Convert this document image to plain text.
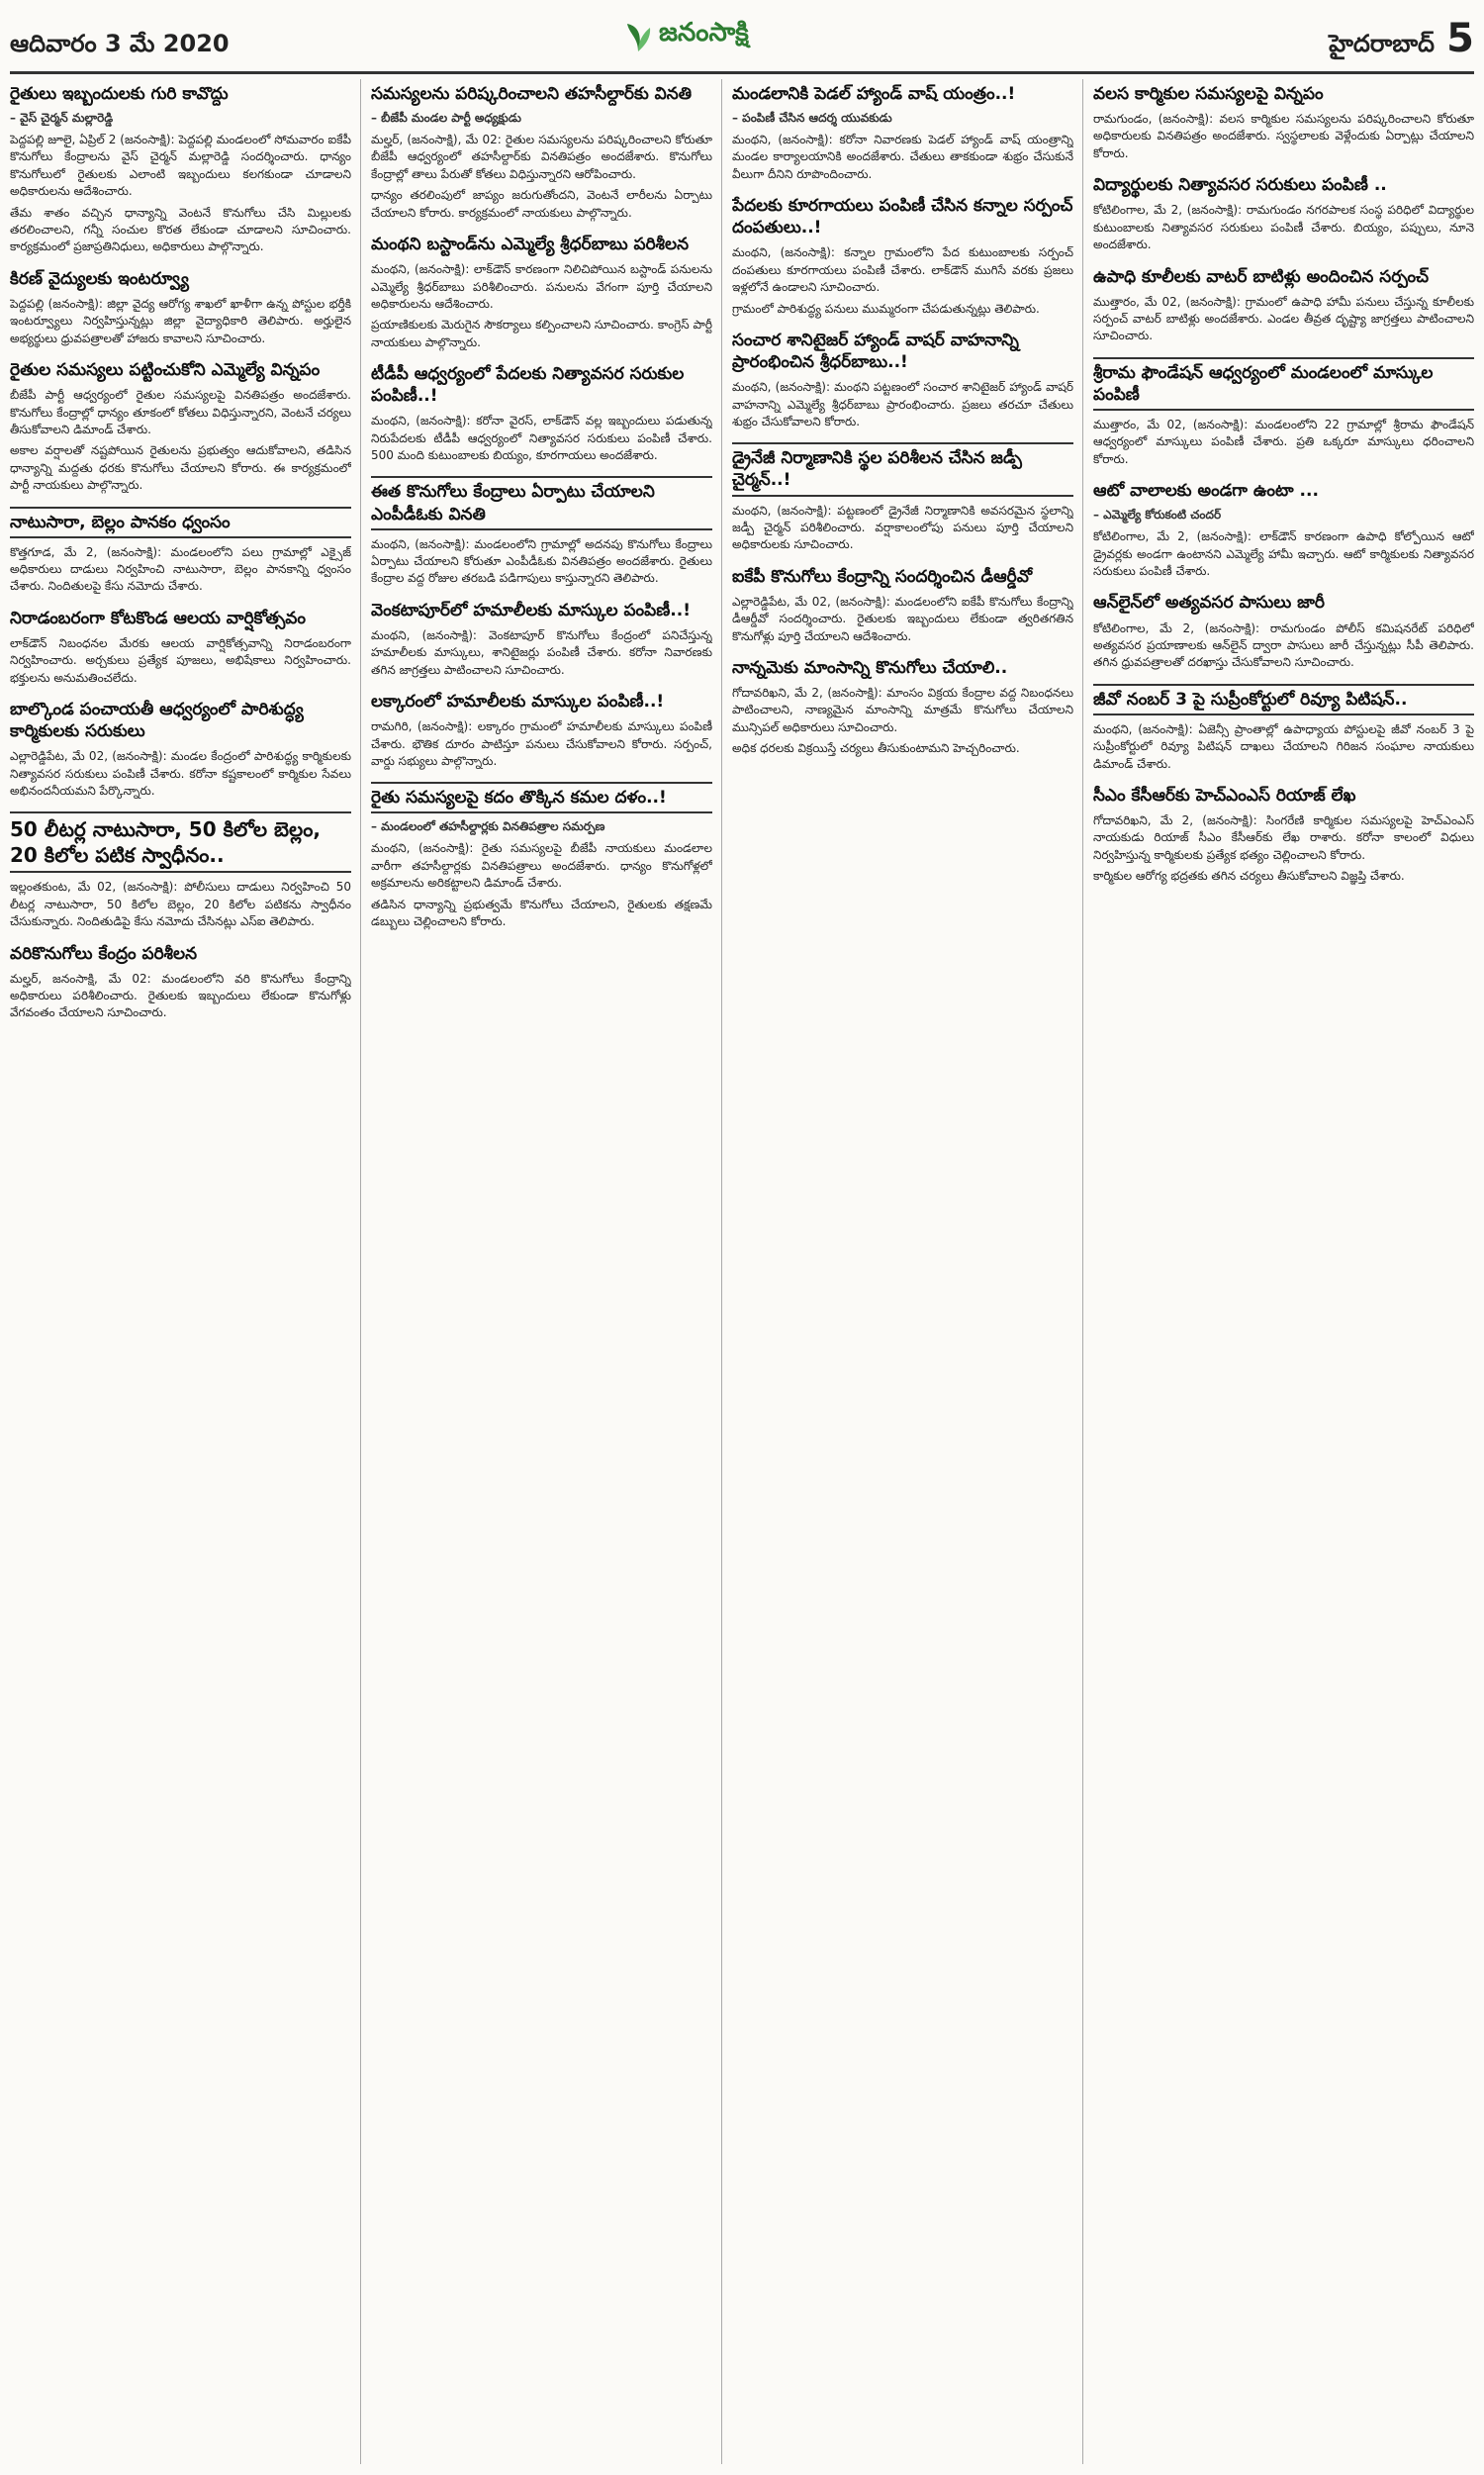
ఆదివారం 3 మే 2020	జనంసాక్షి	హైదరాబాద్ 5
రైతులు ఇబ్బందులకు గురి కావొద్దు
– వైస్ చైర్మన్ మల్లారెడ్డి

పెద్దపల్లి జూలై, ఏప్రిల్ 2 (జనంసాక్షి): పెద్దపల్లి మండలంలో సోమవారం ఐకేపీ కొనుగోలు కేంద్రాలను వైస్ చైర్మన్ మల్లారెడ్డి సందర్శించారు. ధాన్యం కొనుగోలులో రైతులకు ఎలాంటి ఇబ్బందులు కలగకుండా చూడాలని అధికారులను ఆదేశించారు.

తేమ శాతం వచ్చిన ధాన్యాన్ని వెంటనే కొనుగోలు చేసి మిల్లులకు తరలించాలని, గన్నీ సంచుల కొరత లేకుండా చూడాలని సూచించారు. కార్యక్రమంలో ప్రజాప్రతినిధులు, అధికారులు పాల్గొన్నారు.

కిరణ్ వైద్యులకు ఇంటర్వ్యూ

పెద్దపల్లి (జనంసాక్షి): జిల్లా వైద్య ఆరోగ్య శాఖలో ఖాళీగా ఉన్న పోస్టుల భర్తీకి ఇంటర్వ్యూలు నిర్వహిస్తున్నట్లు జిల్లా వైద్యాధికారి తెలిపారు. అర్హులైన అభ్యర్థులు ధ్రువపత్రాలతో హాజరు కావాలని సూచించారు.

రైతుల సమస్యలు పట్టించుకోని ఎమ్మెల్యే విన్నపం

బీజేపీ పార్టీ ఆధ్వర్యంలో రైతుల సమస్యలపై వినతిపత్రం అందజేశారు. కొనుగోలు కేంద్రాల్లో ధాన్యం తూకంలో కోతలు విధిస్తున్నారని, వెంటనే చర్యలు తీసుకోవాలని డిమాండ్ చేశారు.

అకాల వర్షాలతో నష్టపోయిన రైతులను ప్రభుత్వం ఆదుకోవాలని, తడిసిన ధాన్యాన్ని మద్దతు ధరకు కొనుగోలు చేయాలని కోరారు. ఈ కార్యక్రమంలో పార్టీ నాయకులు పాల్గొన్నారు.

నాటుసారా, బెల్లం పానకం ధ్వంసం

కొత్తగూడ, మే 2, (జనంసాక్షి): మండలంలోని పలు గ్రామాల్లో ఎక్సైజ్ అధికారులు దాడులు నిర్వహించి నాటుసారా, బెల్లం పానకాన్ని ధ్వంసం చేశారు. నిందితులపై కేసు నమోదు చేశారు.

నిరాడంబరంగా కోటకొండ ఆలయ వార్షికోత్సవం

లాక్‌డౌన్ నిబంధనల మేరకు ఆలయ వార్షికోత్సవాన్ని నిరాడంబరంగా నిర్వహించారు. అర్చకులు ప్రత్యేక పూజలు, అభిషేకాలు నిర్వహించారు. భక్తులను అనుమతించలేదు.

బాల్కొండ పంచాయతీ ఆధ్వర్యంలో పారిశుద్ధ్య కార్మికులకు సరుకులు

ఎల్లారెడ్డిపేట, మే 02, (జనంసాక్షి): మండల కేంద్రంలో పారిశుద్ధ్య కార్మికులకు నిత్యావసర సరుకులు పంపిణీ చేశారు. కరోనా కష్టకాలంలో కార్మికుల సేవలు అభినందనీయమని పేర్కొన్నారు.

50 లీటర్ల నాటుసారా, 50 కిలోల బెల్లం, 20 కిలోల పటిక స్వాధీనం..

ఇల్లంతకుంట, మే 02, (జనంసాక్షి): పోలీసులు దాడులు నిర్వహించి 50 లీటర్ల నాటుసారా, 50 కిలోల బెల్లం, 20 కిలోల పటికను స్వాధీనం చేసుకున్నారు. నిందితుడిపై కేసు నమోదు చేసినట్లు ఎస్ఐ తెలిపారు.

వరికొనుగోలు కేంద్రం పరిశీలన

మల్హర్, జనంసాక్షి, మే 02: మండలంలోని వరి కొనుగోలు కేంద్రాన్ని అధికారులు పరిశీలించారు. రైతులకు ఇబ్బందులు లేకుండా కొనుగోళ్లు వేగవంతం చేయాలని సూచించారు.

సమస్యలను పరిష్కరించాలని తహసీల్దార్‌కు వినతి
– బీజేపీ మండల పార్టీ అధ్యక్షుడు

మల్హర్, (జనంసాక్షి), మే 02: రైతుల సమస్యలను పరిష్కరించాలని కోరుతూ బీజేపీ ఆధ్వర్యంలో తహసీల్దార్‌కు వినతిపత్రం అందజేశారు. కొనుగోలు కేంద్రాల్లో తాలు పేరుతో కోతలు విధిస్తున్నారని ఆరోపించారు.

ధాన్యం తరలింపులో జాప్యం జరుగుతోందని, వెంటనే లారీలను ఏర్పాటు చేయాలని కోరారు. కార్యక్రమంలో నాయకులు పాల్గొన్నారు.

మంథని బస్టాండ్‌ను ఎమ్మెల్యే శ్రీధర్‌బాబు పరిశీలన

మంథని, (జనంసాక్షి): లాక్‌డౌన్ కారణంగా నిలిచిపోయిన బస్టాండ్ పనులను ఎమ్మెల్యే శ్రీధర్‌బాబు పరిశీలించారు. పనులను వేగంగా పూర్తి చేయాలని అధికారులను ఆదేశించారు.

ప్రయాణికులకు మెరుగైన సౌకర్యాలు కల్పించాలని సూచించారు. కాంగ్రెస్ పార్టీ నాయకులు పాల్గొన్నారు.

టీడీపీ ఆధ్వర్యంలో పేదలకు నిత్యావసర సరుకుల పంపిణీ..!

మంథని, (జనంసాక్షి): కరోనా వైరస్, లాక్‌డౌన్ వల్ల ఇబ్బందులు పడుతున్న నిరుపేదలకు టీడీపీ ఆధ్వర్యంలో నిత్యావసర సరుకులు పంపిణీ చేశారు. 500 మంది కుటుంబాలకు బియ్యం, కూరగాయలు అందజేశారు.

ఈత కొనుగోలు కేంద్రాలు ఏర్పాటు చేయాలని ఎంపీడీఓకు వినతి

మంథని, (జనంసాక్షి): మండలంలోని గ్రామాల్లో అదనపు కొనుగోలు కేంద్రాలు ఏర్పాటు చేయాలని కోరుతూ ఎంపీడీఓకు వినతిపత్రం అందజేశారు. రైతులు కేంద్రాల వద్ద రోజుల తరబడి పడిగాపులు కాస్తున్నారని తెలిపారు.

వెంకటాపూర్‌లో హమాలీలకు మాస్కుల పంపిణీ..!

మంథని, (జనంసాక్షి): వెంకటాపూర్ కొనుగోలు కేంద్రంలో పనిచేస్తున్న హమాలీలకు మాస్కులు, శానిటైజర్లు పంపిణీ చేశారు. కరోనా నివారణకు తగిన జాగ్రత్తలు పాటించాలని సూచించారు.

లక్కారంలో హమాలీలకు మాస్కుల పంపిణీ..!

రామగిరి, (జనంసాక్షి): లక్కారం గ్రామంలో హమాలీలకు మాస్కులు పంపిణీ చేశారు. భౌతిక దూరం పాటిస్తూ పనులు చేసుకోవాలని కోరారు. సర్పంచ్, వార్డు సభ్యులు పాల్గొన్నారు.

రైతు సమస్యలపై కదం తొక్కిన కమల దళం..!
– మండలంలో తహసీల్దార్లకు వినతిపత్రాల సమర్పణ

మంథని, (జనంసాక్షి): రైతు సమస్యలపై బీజేపీ నాయకులు మండలాల వారీగా తహసీల్దార్లకు వినతిపత్రాలు అందజేశారు. ధాన్యం కొనుగోళ్లలో అక్రమాలను అరికట్టాలని డిమాండ్ చేశారు.

తడిసిన ధాన్యాన్ని ప్రభుత్వమే కొనుగోలు చేయాలని, రైతులకు తక్షణమే డబ్బులు చెల్లించాలని కోరారు.

మండలానికి పెడల్ హ్యాండ్ వాష్ యంత్రం..!
– పంపిణీ చేసిన ఆదర్శ యువకుడు

మంథని, (జనంసాక్షి): కరోనా నివారణకు పెడల్ హ్యాండ్ వాష్ యంత్రాన్ని మండల కార్యాలయానికి అందజేశారు. చేతులు తాకకుండా శుభ్రం చేసుకునే వీలుగా దీనిని రూపొందించారు.

పేదలకు కూరగాయలు పంపిణీ చేసిన కన్నాల సర్పంచ్ దంపతులు..!

మంథని, (జనంసాక్షి): కన్నాల గ్రామంలోని పేద కుటుంబాలకు సర్పంచ్ దంపతులు కూరగాయలు పంపిణీ చేశారు. లాక్‌డౌన్ ముగిసే వరకు ప్రజలు ఇళ్లలోనే ఉండాలని సూచించారు.

గ్రామంలో పారిశుద్ధ్య పనులు ముమ్మరంగా చేపడుతున్నట్లు తెలిపారు.

సంచార శానిటైజర్ హ్యాండ్ వాషర్ వాహనాన్ని ప్రారంభించిన శ్రీధర్‌బాబు..!

మంథని, (జనంసాక్షి): మంథని పట్టణంలో సంచార శానిటైజర్ హ్యాండ్ వాషర్ వాహనాన్ని ఎమ్మెల్యే శ్రీధర్‌బాబు ప్రారంభించారు. ప్రజలు తరచూ చేతులు శుభ్రం చేసుకోవాలని కోరారు.

డ్రైనేజీ నిర్మాణానికి స్థల పరిశీలన చేసిన జడ్పీ చైర్మన్..!

మంథని, (జనంసాక్షి): పట్టణంలో డ్రైనేజీ నిర్మాణానికి అవసరమైన స్థలాన్ని జడ్పీ చైర్మన్ పరిశీలించారు. వర్షాకాలంలోపు పనులు పూర్తి చేయాలని అధికారులకు సూచించారు.

ఐకేపీ కొనుగోలు కేంద్రాన్ని సందర్శించిన డీఆర్డీవో

ఎల్లారెడ్డిపేట, మే 02, (జనంసాక్షి): మండలంలోని ఐకేపీ కొనుగోలు కేంద్రాన్ని డీఆర్డీవో సందర్శించారు. రైతులకు ఇబ్బందులు లేకుండా త్వరితగతిన కొనుగోళ్లు పూర్తి చేయాలని ఆదేశించారు.

నాన్నమెకు మాంసాన్ని కొనుగోలు చేయాలి..

గోదావరిఖని, మే 2, (జనంసాక్షి): మాంసం విక్రయ కేంద్రాల వద్ద నిబంధనలు పాటించాలని, నాణ్యమైన మాంసాన్ని మాత్రమే కొనుగోలు చేయాలని మున్సిపల్ అధికారులు సూచించారు.

అధిక ధరలకు విక్రయిస్తే చర్యలు తీసుకుంటామని హెచ్చరించారు.

వలస కార్మికుల సమస్యలపై విన్నపం

రామగుండం, (జనంసాక్షి): వలస కార్మికుల సమస్యలను పరిష్కరించాలని కోరుతూ అధికారులకు వినతిపత్రం అందజేశారు. స్వస్థలాలకు వెళ్లేందుకు ఏర్పాట్లు చేయాలని కోరారు.

విద్యార్థులకు నిత్యావసర సరుకులు పంపిణీ ..

కోటిలింగాల, మే 2, (జనంసాక్షి): రామగుండం నగరపాలక సంస్థ పరిధిలో విద్యార్థుల కుటుంబాలకు నిత్యావసర సరుకులు పంపిణీ చేశారు. బియ్యం, పప్పులు, నూనె అందజేశారు.

ఉపాధి కూలీలకు వాటర్ బాటిళ్లు అందించిన సర్పంచ్

ముత్తారం, మే 02, (జనంసాక్షి): గ్రామంలో ఉపాధి హామీ పనులు చేస్తున్న కూలీలకు సర్పంచ్ వాటర్ బాటిళ్లు అందజేశారు. ఎండల తీవ్రత దృష్ట్యా జాగ్రత్తలు పాటించాలని సూచించారు.

శ్రీరామ ఫౌండేషన్ ఆధ్వర్యంలో మండలంలో మాస్కుల పంపిణీ

ముత్తారం, మే 02, (జనంసాక్షి): మండలంలోని 22 గ్రామాల్లో శ్రీరామ ఫౌండేషన్ ఆధ్వర్యంలో మాస్కులు పంపిణీ చేశారు. ప్రతి ఒక్కరూ మాస్కులు ధరించాలని కోరారు.

ఆటో వాలాలకు అండగా ఉంటా ...
– ఎమ్మెల్యే కోరుకంటి చందర్

కోటిలింగాల, మే 2, (జనంసాక్షి): లాక్‌డౌన్ కారణంగా ఉపాధి కోల్పోయిన ఆటో డ్రైవర్లకు అండగా ఉంటానని ఎమ్మెల్యే హామీ ఇచ్చారు. ఆటో కార్మికులకు నిత్యావసర సరుకులు పంపిణీ చేశారు.

ఆన్‌లైన్‌లో అత్యవసర పాసులు జారీ

కోటిలింగాల, మే 2, (జనంసాక్షి): రామగుండం పోలీస్ కమిషనరేట్ పరిధిలో అత్యవసర ప్రయాణాలకు ఆన్‌లైన్ ద్వారా పాసులు జారీ చేస్తున్నట్లు సీపీ తెలిపారు. తగిన ధ్రువపత్రాలతో దరఖాస్తు చేసుకోవాలని సూచించారు.

జీవో నంబర్ 3 పై సుప్రీంకోర్టులో రివ్యూ పిటిషన్..

మంథని, (జనంసాక్షి): ఏజెన్సీ ప్రాంతాల్లో ఉపాధ్యాయ పోస్టులపై జీవో నంబర్ 3 పై సుప్రీంకోర్టులో రివ్యూ పిటిషన్ దాఖలు చేయాలని గిరిజన సంఘాల నాయకులు డిమాండ్ చేశారు.

సీఎం కేసీఆర్‌కు హెచ్ఎంఎస్ రియాజ్ లేఖ

గోదావరిఖని, మే 2, (జనంసాక్షి): సింగరేణి కార్మికుల సమస్యలపై హెచ్ఎంఎస్ నాయకుడు రియాజ్ సీఎం కేసీఆర్‌కు లేఖ రాశారు. కరోనా కాలంలో విధులు నిర్వహిస్తున్న కార్మికులకు ప్రత్యేక భత్యం చెల్లించాలని కోరారు.

కార్మికుల ఆరోగ్య భద్రతకు తగిన చర్యలు తీసుకోవాలని విజ్ఞప్తి చేశారు.
